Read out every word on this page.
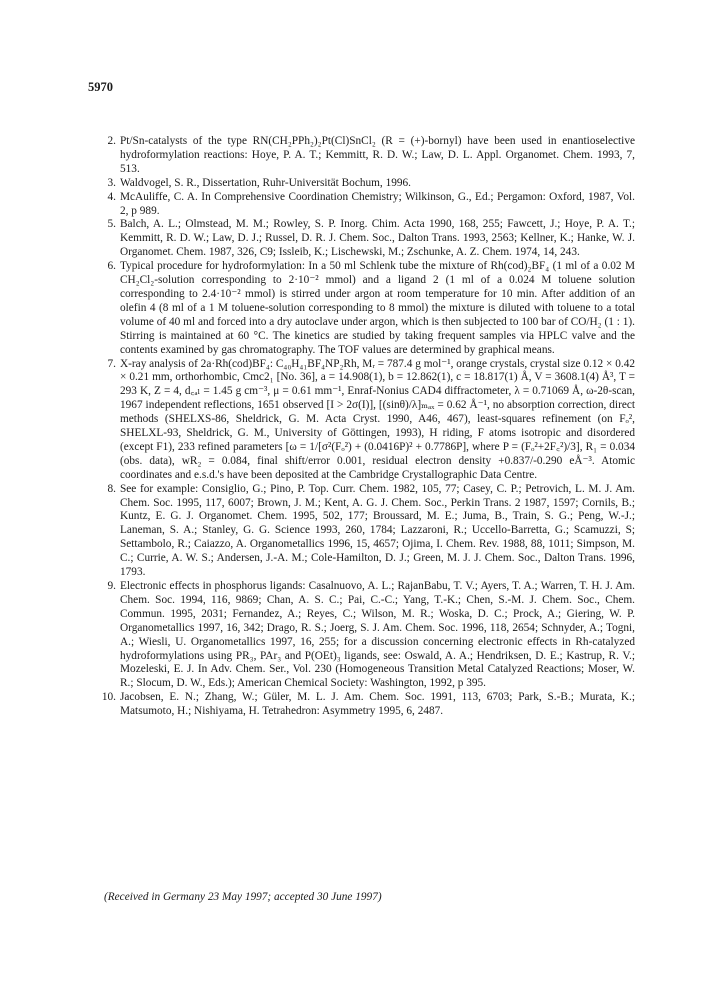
5970
2. Pt/Sn-catalysts of the type RN(CH₂PPh₂)₂Pt(Cl)SnCl₂ (R = (+)-bornyl) have been used in enantioselective hydroformylation reactions: Hoye, P. A. T.; Kemmitt, R. D. W.; Law, D. L. Appl. Organomet. Chem. 1993, 7, 513.
3. Waldvogel, S. R., Dissertation, Ruhr-Universität Bochum, 1996.
4. McAuliffe, C. A. In Comprehensive Coordination Chemistry; Wilkinson, G., Ed.; Pergamon: Oxford, 1987, Vol. 2, p 989.
5. Balch, A. L.; Olmstead, M. M.; Rowley, S. P. Inorg. Chim. Acta 1990, 168, 255; Fawcett, J.; Hoye, P. A. T.; Kemmitt, R. D. W.; Law, D. J.; Russel, D. R. J. Chem. Soc., Dalton Trans. 1993, 2563; Kellner, K.; Hanke, W. J. Organomet. Chem. 1987, 326, C9; Issleib, K.; Lischewski, M.; Zschunke, A. Z. Chem. 1974, 14, 243.
6. Typical procedure for hydroformylation: In a 50 ml Schlenk tube the mixture of Rh(cod)₂BF₄ (1 ml of a 0.02 M CH₂Cl₂-solution corresponding to 2·10⁻² mmol) and a ligand 2 (1 ml of a 0.024 M toluene solution corresponding to 2.4·10⁻² mmol) is stirred under argon at room temperature for 10 min. After addition of an olefin 4 (8 ml of a 1 M toluene-solution corresponding to 8 mmol) the mixture is diluted with toluene to a total volume of 40 ml and forced into a dry autoclave under argon, which is then subjected to 100 bar of CO/H₂ (1 : 1). Stirring is maintained at 60 °C. The kinetics are studied by taking frequent samples via HPLC valve and the contents examined by gas chromatography. The TOF values are determined by graphical means.
7. X-ray analysis of 2a·Rh(cod)BF₄: C₄₀H₄₁BF₄NP₂Rh, Mᵣ = 787.4 g mol⁻¹, orange crystals, crystal size 0.12 × 0.42 × 0.21 mm, orthorhombic, Cmc2₁ [No. 36], a = 14.908(1), b = 12.862(1), c = 18.817(1) Å, V = 3608.1(4) Å³, T = 293 K, Z = 4, d꜀ₐₗ = 1.45 g cm⁻³, μ = 0.61 mm⁻¹, Enraf-Nonius CAD4 diffractometer, λ = 0.71069 Å, ω-2θ-scan, 1967 independent reflections, 1651 observed [I > 2σ(I)], [(sinθ)/λ]ₘₐₓ = 0.62 Å⁻¹, no absorption correction, direct methods (SHELXS-86, Sheldrick, G. M. Acta Cryst. 1990, A46, 467), least-squares refinement (on Fₒ², SHELXL-93, Sheldrick, G. M., University of Göttingen, 1993), H riding, F atoms isotropic and disordered (except F1), 233 refined parameters [ω = 1/[σ²(Fₒ²) + (0.0416P)² + 0.7786P], where P = (Fₒ²+2F꜀²)/3], R₁ = 0.034 (obs. data), wR₂ = 0.084, final shift/error 0.001, residual electron density +0.837/-0.290 eÅ⁻³. Atomic coordinates and e.s.d.'s have been deposited at the Cambridge Crystallographic Data Centre.
8. See for example: Consiglio, G.; Pino, P. Top. Curr. Chem. 1982, 105, 77; Casey, C. P.; Petrovich, L. M. J. Am. Chem. Soc. 1995, 117, 6007; Brown, J. M.; Kent, A. G. J. Chem. Soc., Perkin Trans. 2 1987, 1597; Cornils, B.; Kuntz, E. G. J. Organomet. Chem. 1995, 502, 177; Broussard, M. E.; Juma, B., Train, S. G.; Peng, W.-J.; Laneman, S. A.; Stanley, G. G. Science 1993, 260, 1784; Lazzaroni, R.; Uccello-Barretta, G.; Scamuzzi, S; Settambolo, R.; Caiazzo, A. Organometallics 1996, 15, 4657; Ojima, I. Chem. Rev. 1988, 88, 1011; Simpson, M. C.; Currie, A. W. S.; Andersen, J.-A. M.; Cole-Hamilton, D. J.; Green, M. J. J. Chem. Soc., Dalton Trans. 1996, 1793.
9. Electronic effects in phosphorus ligands: Casalnuovo, A. L.; RajanBabu, T. V.; Ayers, T. A.; Warren, T. H. J. Am. Chem. Soc. 1994, 116, 9869; Chan, A. S. C.; Pai, C.-C.; Yang, T.-K.; Chen, S.-M. J. Chem. Soc., Chem. Commun. 1995, 2031; Fernandez, A.; Reyes, C.; Wilson, M. R.; Woska, D. C.; Prock, A.; Giering, W. P. Organometallics 1997, 16, 342; Drago, R. S.; Joerg, S. J. Am. Chem. Soc. 1996, 118, 2654; Schnyder, A.; Togni, A.; Wiesli, U. Organometallics 1997, 16, 255; for a discussion concerning electronic effects in Rh-catalyzed hydroformylations using PR₃, PAr₃ and P(OEt)₃ ligands, see: Oswald, A. A.; Hendriksen, D. E.; Kastrup, R. V.; Mozeleski, E. J. In Adv. Chem. Ser., Vol. 230 (Homogeneous Transition Metal Catalyzed Reactions; Moser, W. R.; Slocum, D. W., Eds.); American Chemical Society: Washington, 1992, p 395.
10. Jacobsen, E. N.; Zhang, W.; Güler, M. L. J. Am. Chem. Soc. 1991, 113, 6703; Park, S.-B.; Murata, K.; Matsumoto, H.; Nishiyama, H. Tetrahedron: Asymmetry 1995, 6, 2487.
(Received in Germany 23 May 1997; accepted 30 June 1997)
